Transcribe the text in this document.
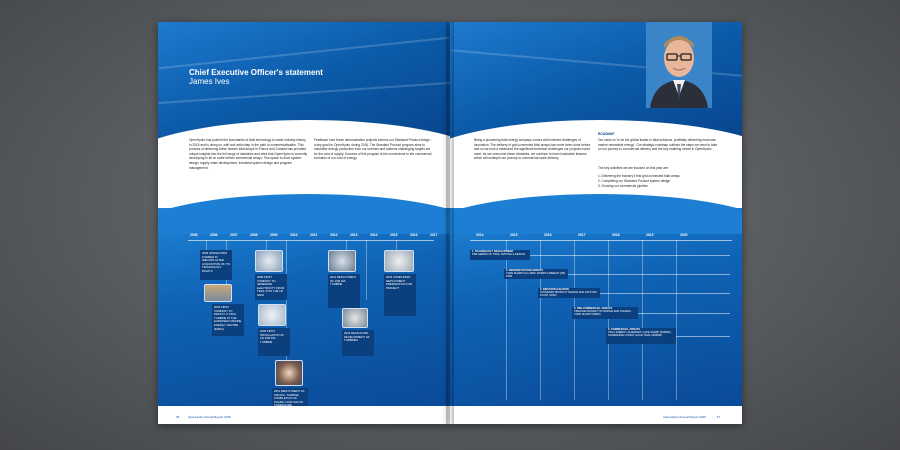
Chief Executive Officer's statement
James Ives
OpenHydro has pushed the boundaries of tidal technology to make industry history in 2015 and is doing so, with and artful step in the path to commercialisation. This process of delivering these historic tidal arrays in France and Canada has provided unique insights into the full range of industries and sites that OpenHydro is currently developing in all on scale deliver commercial arrays. This space to drive system design, supply chain development, industrial system design and program management.
Feedback from these demonstration projects informs our Standard Product design - a key goal for OpenHydro during 2016. The Standard Product program aims to maximise energy production from our turbines and address challenging targets set for the cost of supply. Success of this program is the cornerstone to the commercial evolution of our cost of energy.
2005	2006	2007	2008	2009	2010	2011	2012	2013	2014	2015	2016	2017
2005 OPENHYDRO FORMED IN IRELAND AFTER ACQUISITION OF ITS TECHNOLOGY RIGHTS
2006 FIRST COMPANY TO DEPLOY A TIDAL TURBINE AT THE EUROPEAN MARINE ENERGY CENTRE (EMEC)
2008 FIRST COMPANY TO GENERATE ELECTRICITY FROM TIDAL INTO THE UK GRID
2009 FIRST INSTALLATION OF AN 10M DIA. TURBINE
2011 DEPLOYMENT OF 16M DIA. TURBINE, COMPLETION OF PHASE 1 FOR SOUTH
2012 DEPLOYMENT OF 16M DIA. TURBINE
2013 DESIGN AND DEVELOPMENT OF TURBINES
2015 COMPLETED DEPLOYMENT PREPARATION FOR PROJECT
36	OpenHydro Annual Report 2015
Being a pioneering tidal energy company comes with inherent challenges of innovation. The delivery of grid-connected tidal arrays has never been done before and so we took a measured the significant technical challenges our projects would meet. As we overcome these obstacles, we continue to learn invaluable lessons which will underpin our journey to commercial scale delivery.
ROADMAP
Our vision is 'to be the global leader in tidal solutions, profitably delivering economic marine renewable energy'. Our strategic roadmap outlines the steps we need to take on our journey to commercial delivery and the key enabling needs in OpenHydro.
The key activities we are focused on this year are:
1. Delivering the industry's first grid-connected tidal arrays
2. Completing our Standard Product system design
3. Growing our commercial pipeline.
2014	2015	2016	2017	2018	2019	2020
1. TECHNOLOGY DEVELOPMENT
PRE-SERIES OF TIDAL TESTING & DESIGN
2. DEMONSTRATION ARRAYS
CAPE SHARP (CA) 4MW, PAIMPOL-BREHAT (FR) 1MW
3. INDUSTRIALISATION
STANDARD PRODUCT DESIGN AND FACTORY PLANT (2016)
4. PRE-COMMERCIAL ARRAYS
PIPELINE PROJECT IN FRANCE AND CANADA, CAPE SHARP (20MW)
5. COMMERCIAL ARRAYS
TIDAL ENERGY ALDERNEY, CAPE SHARP (300MW), NORMANDIE HYDRO, RACE TIDAL (300MW)
OpenHydro Annual Report 2015	37
